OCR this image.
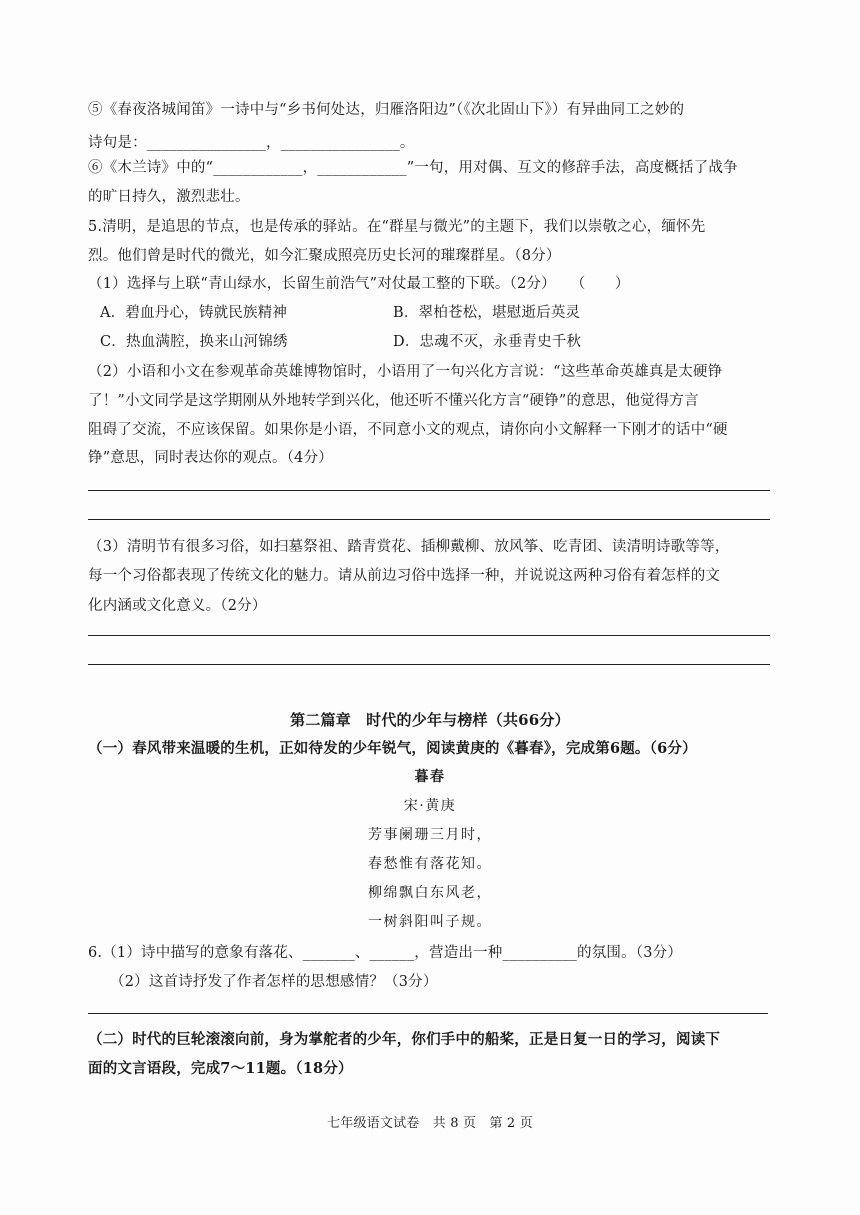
⑤《春夜洛城闻笛》一诗中与“乡书何处达，归雁洛阳边”（《次北固山下》）有异曲同工之妙的
诗句是：________________，________________。
⑥《木兰诗》中的“____________，____________”一句，用对偶、互文的修辞手法，高度概括了战争
的旷日持久，激烈悲壮。
5.清明，是追思的节点，也是传承的驿站。在“群星与微光”的主题下，我们以崇敬之心，缅怀先
烈。他们曾是时代的微光，如今汇聚成照亮历史长河的璀璨群星。（8分）
（1）选择与上联“青山绿水，长留生前浩气”对仗最工整的下联。（2分）　　（　　）
A．碧血丹心，铸就民族精神	B．翠柏苍松，堪慰逝后英灵
C．热血满腔，换来山河锦绣	D．忠魂不灭，永垂青史千秋
（2）小语和小文在参观革命英雄博物馆时，小语用了一句兴化方言说：“这些革命英雄真是太硬铮
了！”小文同学是这学期刚从外地转学到兴化，他还听不懂兴化方言“硬铮”的意思，他觉得方言
阻碍了交流，不应该保留。如果你是小语，不同意小文的观点，请你向小文解释一下刚才的话中“硬
铮”意思，同时表达你的观点。（4分）
（3）清明节有很多习俗，如扫墓祭祖、踏青赏花、插柳戴柳、放风筝、吃青团、读清明诗歌等等，
每一个习俗都表现了传统文化的魅力。请从前边习俗中选择一种，并说说这两种习俗有着怎样的文
化内涵或文化意义。（2分）
第二篇章　时代的少年与榜样（共66分）
（一）春风带来温暖的生机，正如待发的少年锐气，阅读黄庚的《暮春》，完成第6题。（6分）
暮春
宋·黄庚
芳事阑珊三月时，
春愁惟有落花知。
柳绵飘白东风老，
一树斜阳叫子规。
6.（1）诗中描写的意象有落花、_______、______，营造出一种__________的氛围。（3分）
（2）这首诗抒发了作者怎样的思想感情？（3分）
（二）时代的巨轮滚滚向前，身为掌舵者的少年，你们手中的船桨，正是日复一日的学习，阅读下
面的文言语段，完成7～11题。（18分）
七年级语文试卷　共 8 页　第 2 页
